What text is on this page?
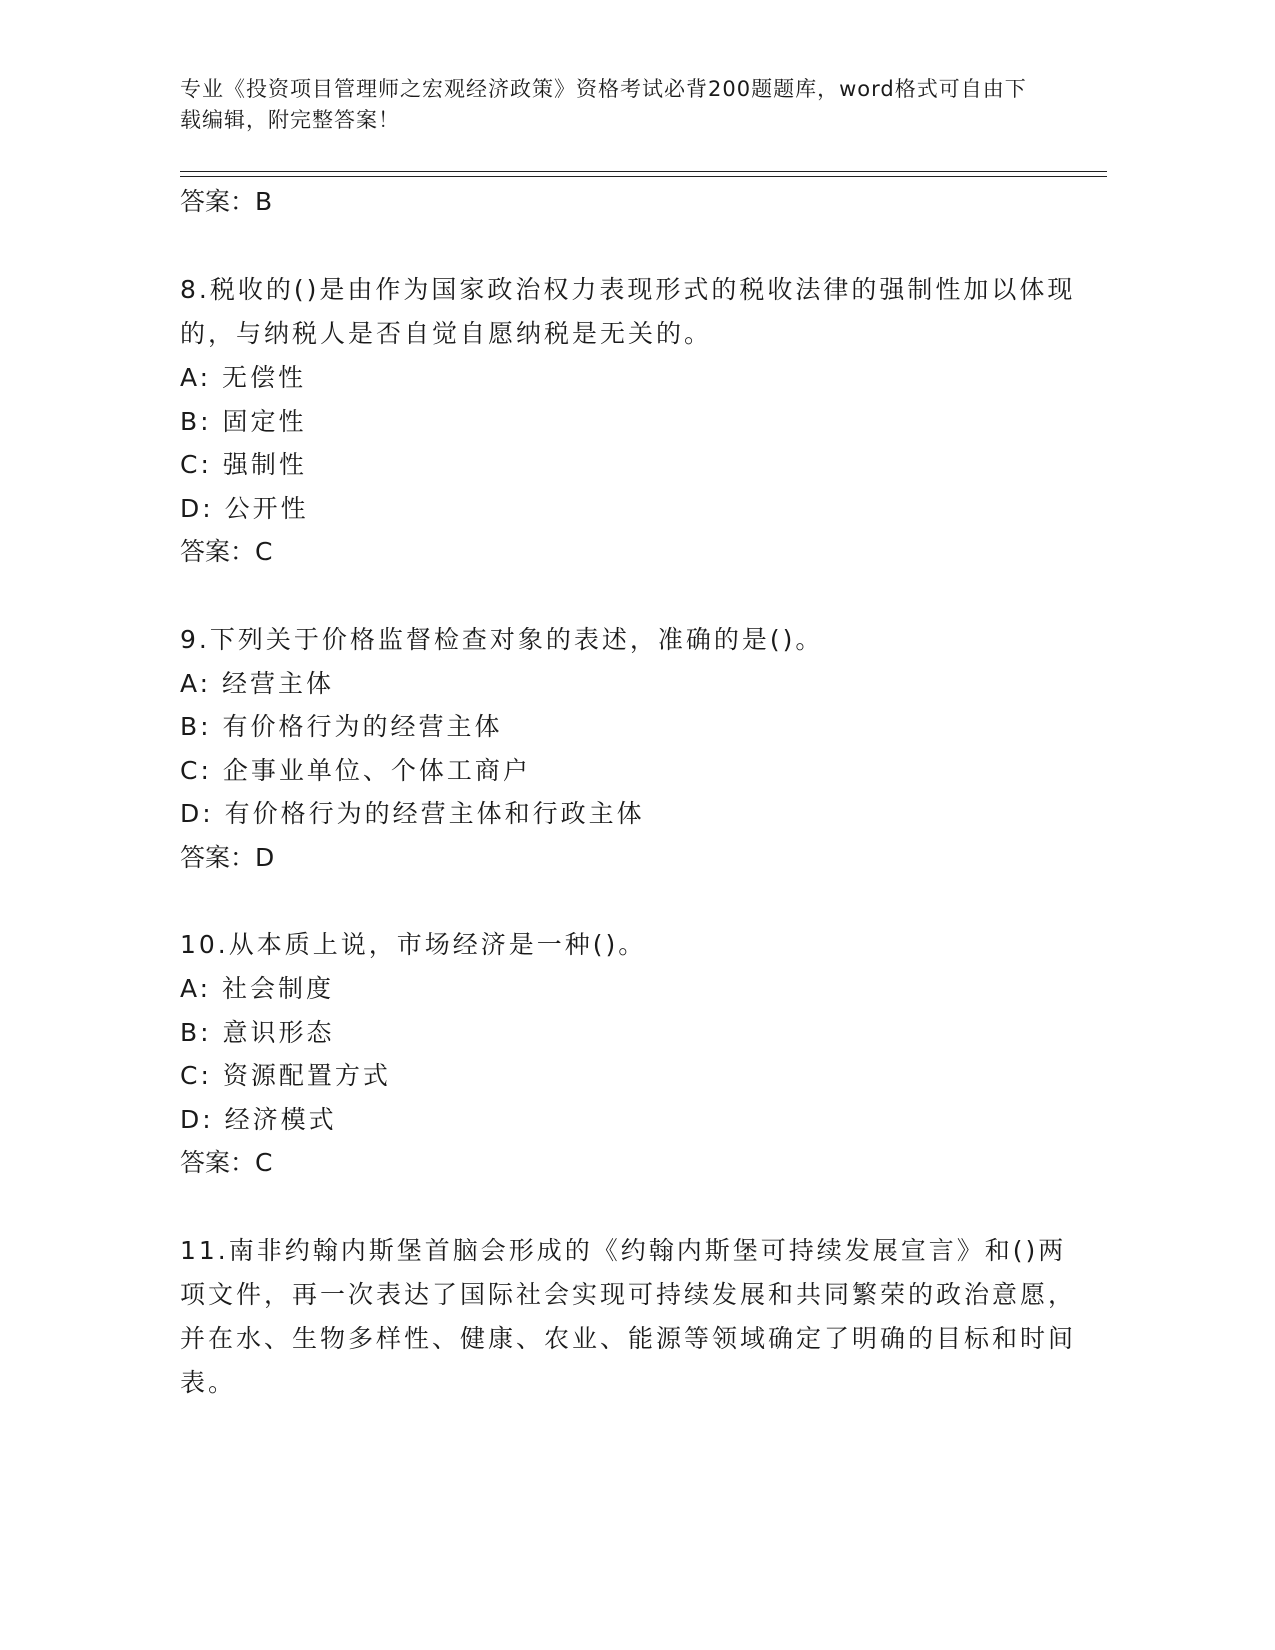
专业《投资项目管理师之宏观经济政策》资格考试必背200题题库，word格式可自由下载编辑，附完整答案！
答案：B
8.税收的()是由作为国家政治权力表现形式的税收法律的强制性加以体现的，与纳税人是否自觉自愿纳税是无关的。
A: 无偿性
B: 固定性
C: 强制性
D: 公开性
答案：C
9.下列关于价格监督检查对象的表述，准确的是()。
A: 经营主体
B: 有价格行为的经营主体
C: 企事业单位、个体工商户
D: 有价格行为的经营主体和行政主体
答案：D
10.从本质上说，市场经济是一种()。
A: 社会制度
B: 意识形态
C: 资源配置方式
D: 经济模式
答案：C
11.南非约翰内斯堡首脑会形成的《约翰内斯堡可持续发展宣言》和()两项文件，再一次表达了国际社会实现可持续发展和共同繁荣的政治意愿，并在水、生物多样性、健康、农业、能源等领域确定了明确的目标和时间表。
